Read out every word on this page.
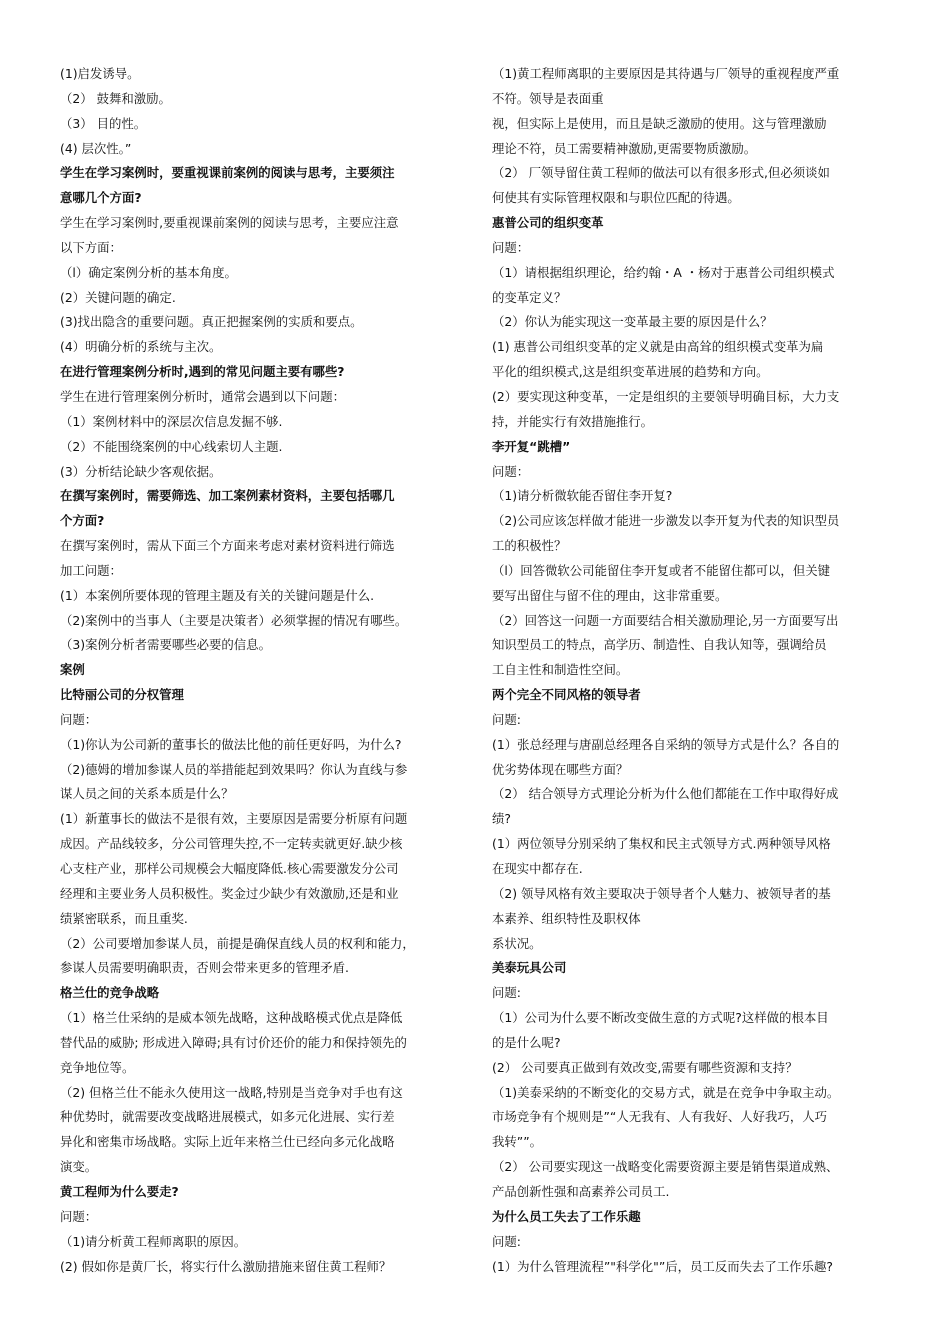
(1)启发诱导。
（2） 鼓舞和激励。
（3） 目的性。
(4) 层次性。”
学生在学习案例时，要重视课前案例的阅读与思考，主要须注
意哪几个方面?
学生在学习案例时,要重视课前案例的阅读与思考，主要应注意
以下方面：
（l）确定案例分析的基本角度。
(2）关键问题的确定.
(3)找出隐含的重要问题。真正把握案例的实质和要点。
(4）明确分析的系统与主次。
在进行管理案例分析时,遇到的常见问题主要有哪些?
学生在进行管理案例分析时，通常会遇到以下问题：
（1）案例材料中的深层次信息发掘不够.
（2）不能围绕案例的中心线索切人主题.
(3）分析结论缺少客观依据。
在撰写案例时，需要筛选、加工案例素材资料，主要包括哪几
个方面?
在撰写案例时，需从下面三个方面来考虑对素材资料进行筛选
加工问题：
(1）本案例所要体现的管理主题及有关的关键问题是什么.
（2)案例中的当事人（主要是决策者）必须掌握的情况有哪些。
（3)案例分析者需要哪些必要的信息。
案例
比特丽公司的分权管理
问题：
（1)你认为公司新的董事长的做法比他的前任更好吗，为什么?
（2)德姆的增加参谋人员的举措能起到效果吗？你认为直线与参
谋人员之间的关系本质是什么？
(1）新董事长的做法不是很有效，主要原因是需要分析原有问题
成因。产品线较多，分公司管理失控,不一定转卖就更好.缺少核
心支柱产业，那样公司规模会大幅度降低.核心需要激发分公司
经理和主要业务人员积极性。奖金过少缺少有效激励,还是和业
绩紧密联系，而且重奖.
（2）公司要增加参谋人员，前提是确保直线人员的权利和能力，
参谋人员需要明确职责，否则会带来更多的管理矛盾.
格兰仕的竞争战略
（1）格兰仕采纳的是威本领先战略，这种战略模式优点是降低
替代品的威胁; 形成进入障碍;具有讨价还价的能力和保持领先的
竞争地位等。
（2) 但格兰仕不能永久使用这一战略,特别是当竞争对手也有这
种优势时，就需要改变战略进展模式，如多元化进展、实行差
异化和密集市场战略。实际上近年来格兰仕已经向多元化战略
演变。
黄工程师为什么要走?
问题：
（1)请分析黄工程师离职的原因。
(2) 假如你是黄厂长，将实行什么激励措施来留住黄工程师？
（1)黄工程师离职的主要原因是其待遇与厂领导的重视程度严重
不符。领导是表面重
视，但实际上是使用，而且是缺乏激励的使用。这与管理激励
理论不符，员工需要精神激励,更需要物质激励。
（2） 厂领导留住黄工程师的做法可以有很多形式,但必须谈如
何使其有实际管理权限和与职位匹配的待遇。
惠普公司的组织变革
问题：
（1）请根据组织理论，给约翰・A ・杨对于惠普公司组织模式
的变革定义？
（2）你认为能实现这一变革最主要的原因是什么？
(1) 惠普公司组织变革的定义就是由高耸的组织模式变革为扁
平化的组织模式,这是组织变革进展的趋势和方向。
(2）要实现这种变革，一定是组织的主要领导明确目标，大力支
持，并能实行有效措施推行。
李开复“跳槽”
问题：
（1)请分析微软能否留住李开复?
（2)公司应该怎样做才能进一步激发以李开复为代表的知识型员
工的积极性？
（l）回答微软公司能留住李开复或者不能留住都可以，但关键
要写出留住与留不住的理由，这非常重要。
（2）回答这一问题一方面要结合相关激励理论,另一方面要写出
知识型员工的特点，高学历、制造性、自我认知等，强调给员
工自主性和制造性空间。
两个完全不同风格的领导者
问题:
(1）张总经理与唐副总经理各自采纳的领导方式是什么？各自的
优劣势体现在哪些方面？
（2） 结合领导方式理论分析为什么他们都能在工作中取得好成
绩?
(1）两位领导分别采纳了集权和民主式领导方式.两种领导风格
在现实中都存在.
（2) 领导风格有效主要取决于领导者个人魅力、被领导者的基
本素养、组织特性及职权体
系状况。
美泰玩具公司
问题:
（1）公司为什么要不断改变做生意的方式呢?这样做的根本目
的是什么呢?
(2） 公司要真正做到有效改变,需要有哪些资源和支持？
（1)美泰采纳的不断变化的交易方式，就是在竞争中争取主动。
市场竞争有个规则是”“人无我有、人有我好、人好我巧，人巧
我转””。
（2） 公司要实现这一战略变化需要资源主要是销售渠道成熟、
产品创新性强和高素养公司员工.
为什么员工失去了工作乐趣
问题:
(1）为什么管理流程”"科学化"”后，员工反而失去了工作乐趣?
